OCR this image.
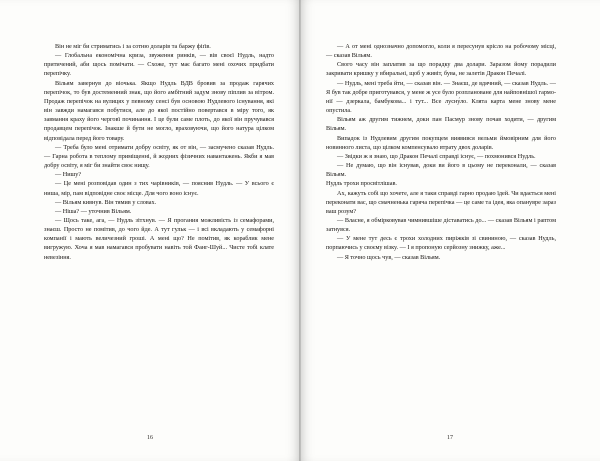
Він не міг би стриматись і за сотню доларів та баржу фіґів.

— Глобальна економічна криза, звуження ринків, — вів своєї Нудль, надто притичений, аби щось помічати. — Схоже, тут має багато мені охочих придбати перепічку.

Вільям завернув до віочька. Якщо Нудль ВДВ бровив за продаж гарячих перепічок, то був достеменний знак, що його амбітний задум знову піплив за вітром. Продаж перепічок на вулицях у певному сенсі був основою Нудлевого існування, які він завжди намагався побутися, але до якої постійно повертався в мірy того, як завмання краху його черговї починання. І це були саме плоть, до якої він пручувався продавцем перепічок. Інакше й бути не могло, враховуючи, що його натура цілком відповідала перед його товару.

— Треба було мені отримати добру освіту, як от він, — засмучено сказав Нудль. — Гарна робота в теплому приміщенні, й жодних фізичних навантажень. Якби я мав добру освіту, я міг би знайти своє нищу.

— Нишу?

— Це мені розповідав один з тих чарівників, — пояснив Нудль. — У всього є ниша, мір, пам відповідне своє місце. Для чого воно існує.

— Вільям кивнув. Він тямив у словах.

— Ніша? — уточнив Вільям.

— Щось таке, ага, — Нудль зітхнув. — Я прогания можливість із семафорами, знаєш. Просто не помітив, до чого йде. А тут гульк — і всі вкладають у семафорні компанії і мають величезний гроші. А мені що? Не помітив, як кораблик мене вигружую. Хоча я мав намагався пробувати навіть той Фанг-Шуй... Чисте тобі клате невезіння.

16

— А от мені однозначно допомогло, коли я пересунув крісло на робочому місці, — сказав Вільям.

Свого часу він заплатив за що порадку два долари. Заразом йому порадили закривати кришку у вбиральні, щоб у живіт, бува, не залетів Дракон Печалі.

— Нудль, мені треба йти, — сказав він. — Знаєш, де вдячний, — сказав Нудль. — Я був так добре приготувався, у мене ж усе було розплановане для найповнішої гармонії — дзеркала, бамбукова... і тут... Все лусну́ло. Клята карта мене знову мене опустила.

Вільям аж другим тижнем, доки пан Пасмур знову почав ходити, — другим Вільям.

Випадок із Нудлевим другим покупцем виявився вельми ймовірним для його новинного листа, що цілком компенсувало втрату двох доларів.

— Звідки ж я знаю, що Дракон Печалі справді існує, — похмонився Нудль.

— Не думаю, що він існував, доки ви його в цьому не переконали, — сказав Вільям.

Нудль трохи просвітлішав.

Ах, кажуть собі що хочете, але я таки справді гарно продаю їдей. Чи вдається мені переконати вас, що смачненька гаряча перепічка — це саме та ідея, яка опанувре зараз ваш розум?

— Власне, я обмірковував чимнившіше діставатись до... — сказав Вільям і раптом затнувся.

— У мене тут десь є трохи холодних пиріжків зі свининою, — сказав Нудль, порпаючись у своєму візку. — І я пропоную серйозну знижку, аже...

— Я точно щось чув, — сказав Вільям.

17
